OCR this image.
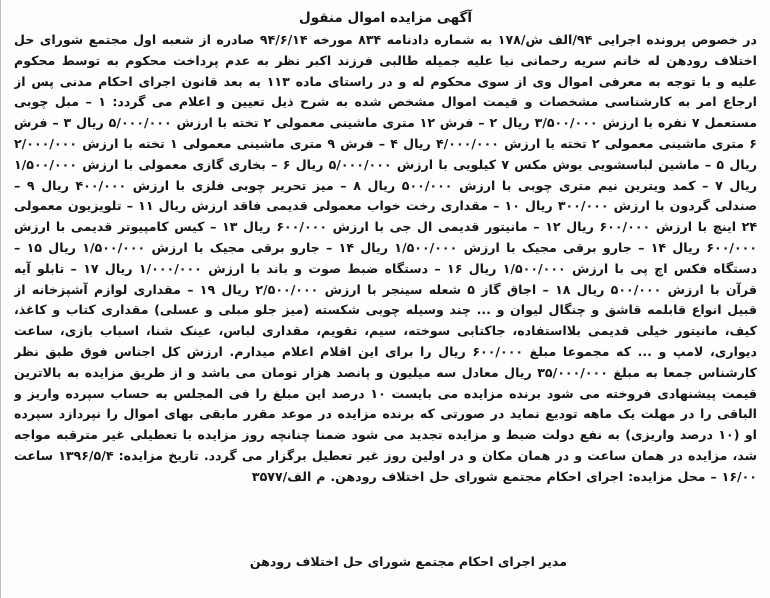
آگهی مزایده اموال منقول
در خصوص پرونده اجرایی ۹۴/الف ش/۱۷۸ به شماره دادنامه ۸۳۴ مورخه ۹۴/۶/۱۴ صادره از شعبه اول مجتمع شورای حل اختلاف رودهن له خانم سریه رحمانی نیا علیه جمیله طالبی فرزند اکبر نظر به عدم پرداخت محکوم به توسط محکوم علیه و با توجه به معرفی اموال وی از سوی محکوم له و در راستای ماده ۱۱۳ به بعد قانون اجرای احکام مدنی پس از ارجاع امر به کارشناسی مشخصات و قیمت اموال مشخص شده به شرح ذیل تعیین و اعلام می گردد: ۱ – مبل چوبی مستعمل ۷ نفره با ارزش ۳/۵۰۰/۰۰۰ ریال ۲ – فرش ۱۲ متری ماشینی معمولی ۲ تخته با ارزش ۵/۰۰۰/۰۰۰ ریال ۳ – فرش ۶ متری ماشینی معمولی ۲ تخته با ارزش ۴/۰۰۰/۰۰۰ ریال ۴ – فرش ۹ متری ماشینی معمولی ۱ تخته با ارزش ۲/۰۰۰/۰۰۰ ریال ۵ – ماشین لباسشویی بوش مکس ۷ کیلویی با ارزش ۵/۰۰۰/۰۰۰ ریال ۶ – بخاری گازی معمولی با ارزش ۱/۵۰۰/۰۰۰ ریال ۷ – کمد ویترین نیم متری چوبی با ارزش ۵۰۰/۰۰۰ ریال ۸ – میز تحریر چوبی فلزی با ارزش ۴۰۰/۰۰۰ ریال ۹ – صندلی گردون با ارزش ۳۰۰/۰۰۰ ریال ۱۰ – مقداری رخت خواب معمولی قدیمی فاقد ارزش ریال ۱۱ – تلویزیون معمولی ۲۴ اینچ با ارزش ۶۰۰/۰۰۰ ریال ۱۲ – مانیتور قدیمی ال جی با ارزش ۶۰۰/۰۰۰ ریال ۱۳ – کیس کامپیوتر قدیمی با ارزش ۶۰۰/۰۰۰ ریال ۱۴ – جارو برقی مجیک با ارزش ۱/۵۰۰/۰۰۰ ریال ۱۴ – جارو برقی مجیک با ارزش ۱/۵۰۰/۰۰۰ ریال ۱۵ – دستگاه فکس اچ پی با ارزش ۱/۵۰۰/۰۰۰ ریال ۱۶ – دستگاه ضبط صوت و باند با ارزش ۱/۰۰۰/۰۰۰ ریال ۱۷ – تابلو آیه قرآن با ارزش ۵۰۰/۰۰۰ ریال ۱۸ – اجاق گاز ۵ شعله سینجر با ارزش ۲/۵۰۰/۰۰۰ ریال ۱۹ – مقداری لوازم آشپزخانه از قبیل انواع قابلمه قاشق و چنگال لیوان و ... چند وسیله چوبی شکسته (میز جلو مبلی و عسلی) مقداری کتاب و کاغذ، کیف، مانیتور خیلی قدیمی بلااستفاده، جاکتابی سوخته، سیم، تقویم، مقداری لباس، عینک شنا، اسباب بازی، ساعت دیواری، لامپ و ... که مجموعا مبلغ ۶۰۰/۰۰۰ ریال را برای این اقلام اعلام میدارم. ارزش کل اجناس فوق طبق نظر کارشناس جمعا به مبلغ ۳۵/۰۰۰/۰۰۰ ریال معادل سه میلیون و پانصد هزار تومان می باشد و از طریق مزایده به بالاترین قیمت پیشنهادی فروخته می شود برنده مزایده می بایست ۱۰ درصد این مبلغ را فی المجلس به حساب سپرده واریز و الباقی را در مهلت یک ماهه تودیع نماید در صورتی که برنده مزایده در موعد مقرر مابقی بهای اموال را نپردازد سپرده او (۱۰ درصد واریزی) به نفع دولت ضبط و مزایده تجدید می شود ضمنا چنانچه روز مزایده با تعطیلی غیر مترقبه مواجه شد، مزایده در همان ساعت و در همان مکان و در اولین روز غیر تعطیل برگزار می گردد. تاریخ مزایده: ۱۳۹۶/۵/۴ ساعت ۱۶/۰۰ – محل مزایده: اجرای احکام مجتمع شورای حل اختلاف رودهن. م الف/۳۵۷۷
مدیر اجرای احکام مجتمع شورای حل اختلاف رودهن
